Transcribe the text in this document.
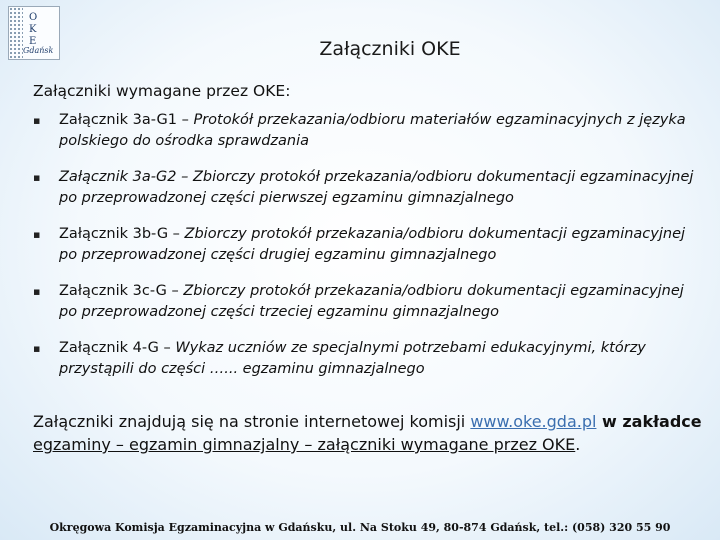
O
K
E
Gdańsk	Załączniki OKE
Załączniki wymagane przez OKE:
▪ Załącznik 3a-G1 – Protokół przekazania/odbioru materiałów egzaminacyjnych z języka polskiego do ośrodka sprawdzania
▪ Załącznik 3a-G2 – Zbiorczy protokół przekazania/odbioru dokumentacji egzaminacyjnej po przeprowadzonej części pierwszej egzaminu gimnazjalnego
▪ Załącznik 3b-G – Zbiorczy protokół przekazania/odbioru dokumentacji egzaminacyjnej po przeprowadzonej części drugiej egzaminu gimnazjalnego
▪ Załącznik 3c-G – Zbiorczy protokół przekazania/odbioru dokumentacji egzaminacyjnej po przeprowadzonej części trzeciej egzaminu gimnazjalnego
▪ Załącznik 4-G – Wykaz uczniów ze specjalnymi potrzebami edukacyjnymi, którzy przystąpili do części …... egzaminu gimnazjalnego
Załączniki znajdują się na stronie internetowej komisji www.oke.gda.pl w zakładce egzaminy – egzamin gimnazjalny – załączniki wymagane przez OKE.
Okręgowa Komisja Egzaminacyjna w Gdańsku, ul. Na Stoku 49, 80-874 Gdańsk, tel.: (058) 320 55 90
